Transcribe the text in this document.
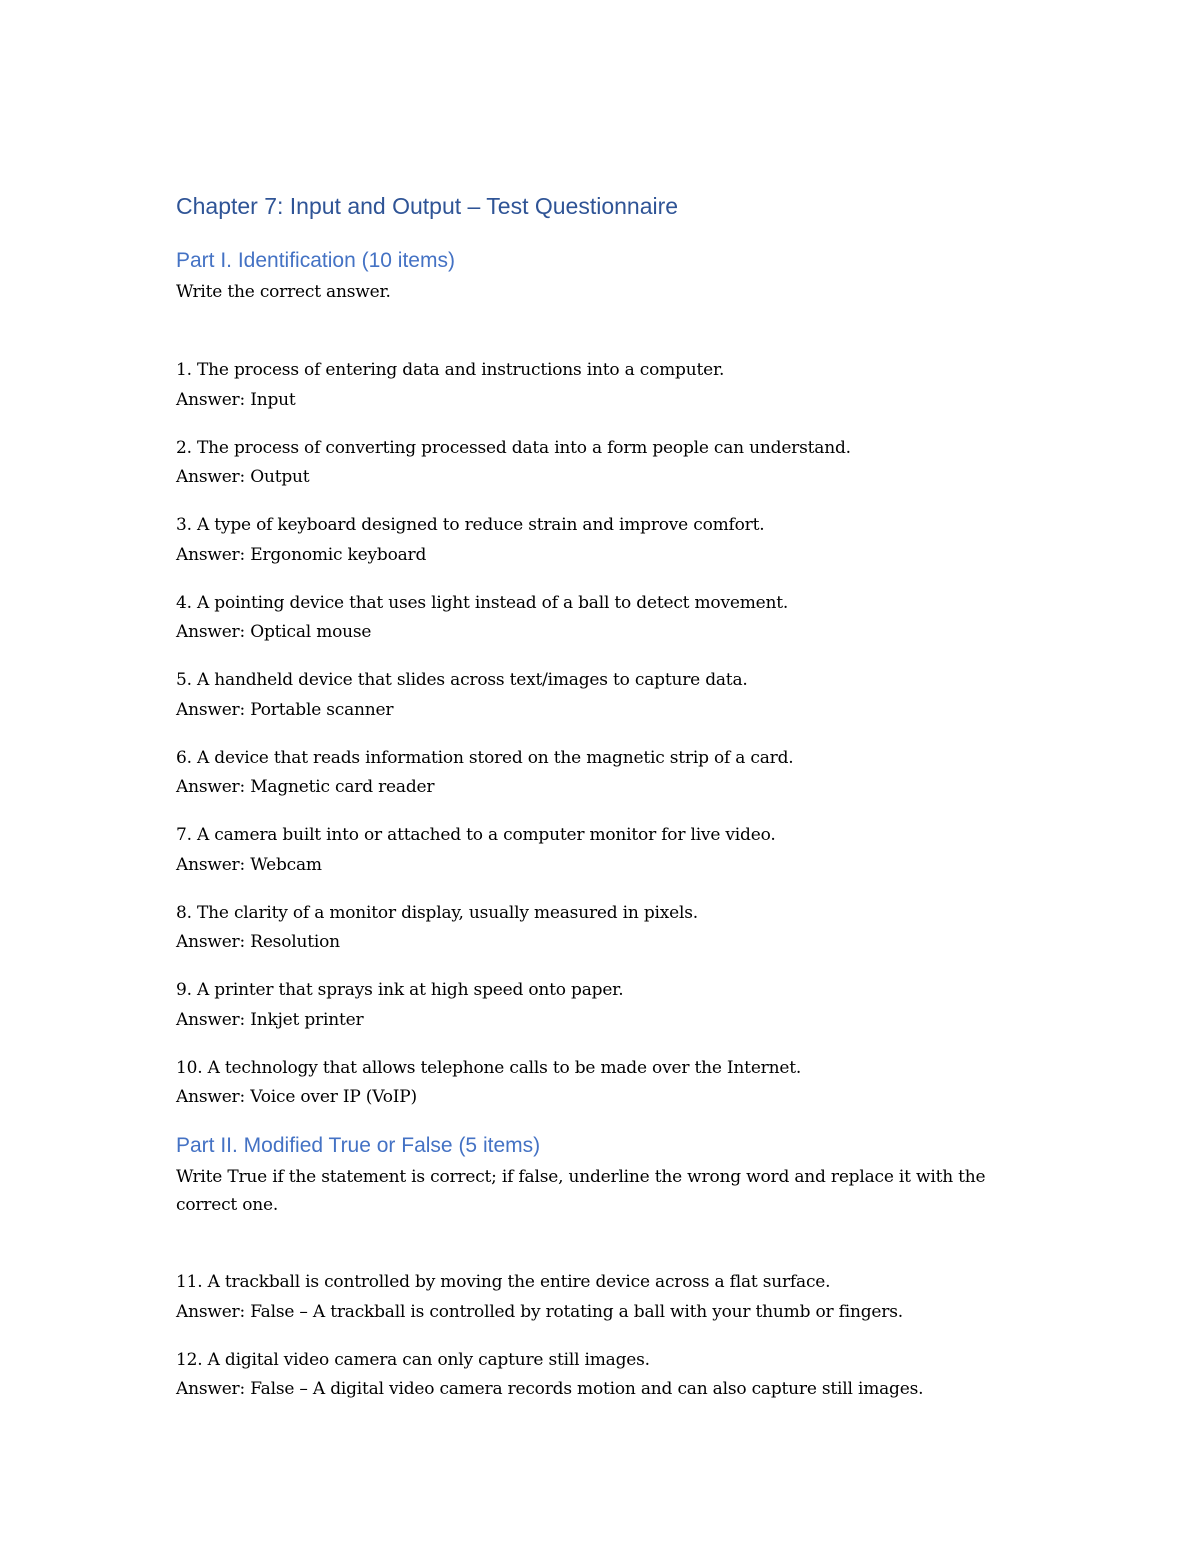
Chapter 7: Input and Output – Test Questionnaire
Part I. Identification (10 items)

Write the correct answer.

1. The process of entering data and instructions into a computer.
Answer: Input
2. The process of converting processed data into a form people can understand.
Answer: Output
3. A type of keyboard designed to reduce strain and improve comfort.
Answer: Ergonomic keyboard
4. A pointing device that uses light instead of a ball to detect movement.
Answer: Optical mouse
5. A handheld device that slides across text/images to capture data.
Answer: Portable scanner
6. A device that reads information stored on the magnetic strip of a card.
Answer: Magnetic card reader
7. A camera built into or attached to a computer monitor for live video.
Answer: Webcam
8. The clarity of a monitor display, usually measured in pixels.
Answer: Resolution
9. A printer that sprays ink at high speed onto paper.
Answer: Inkjet printer
10. A technology that allows telephone calls to be made over the Internet.
Answer: Voice over IP (VoIP)
Part II. Modified True or False (5 items)

Write True if the statement is correct; if false, underline the wrong word and replace it with the correct one.

11. A trackball is controlled by moving the entire device across a flat surface.
Answer: False – A trackball is controlled by rotating a ball with your thumb or fingers.
12. A digital video camera can only capture still images.
Answer: False – A digital video camera records motion and can also capture still images.
